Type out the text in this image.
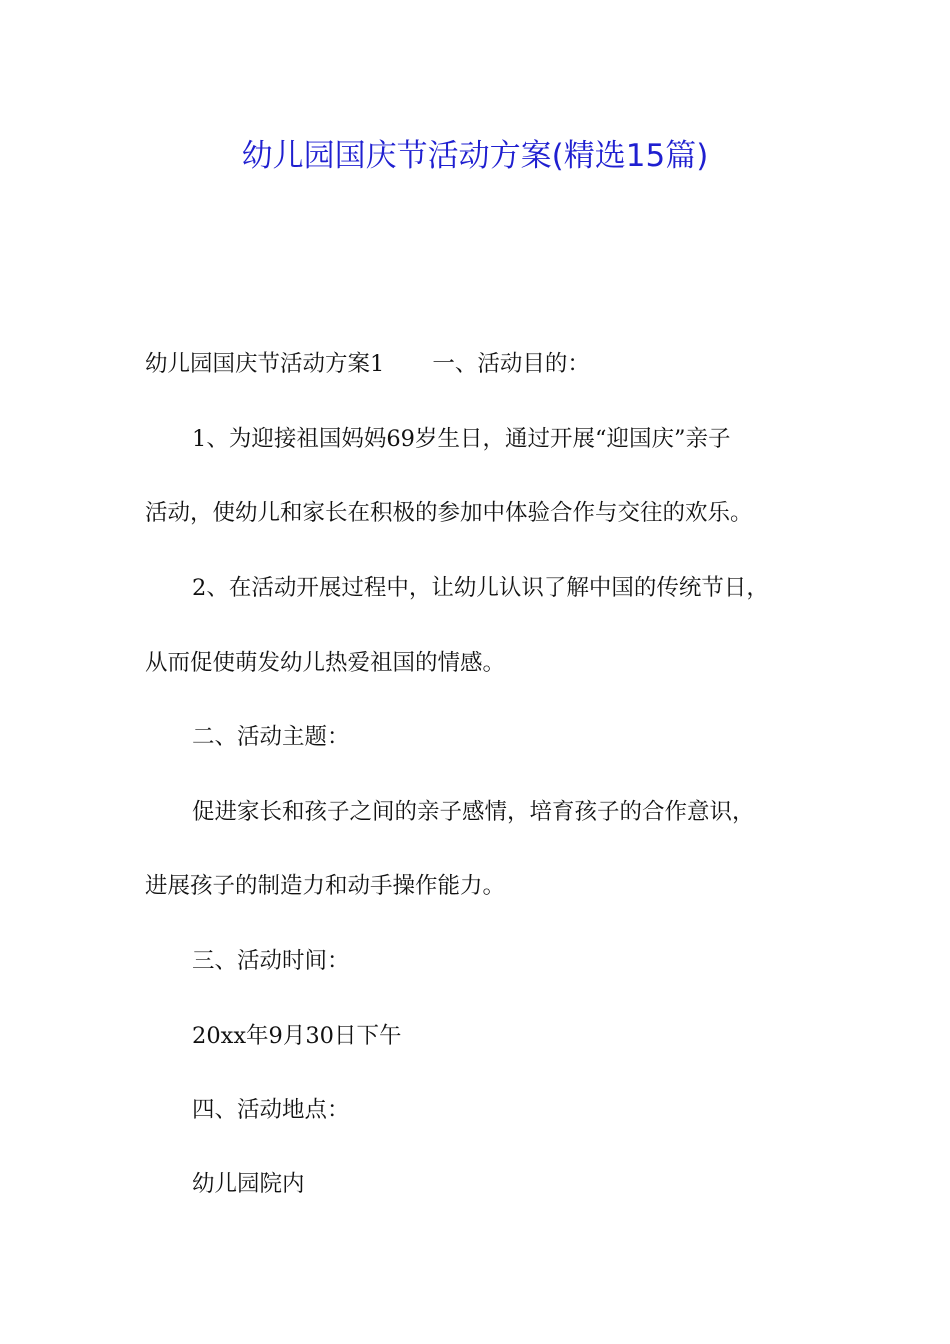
幼儿园国庆节活动方案(精选15篇)

幼儿园国庆节活动方案1 一、活动目的：

1、为迎接祖国妈妈69岁生日，通过开展“迎国庆”亲子

活动，使幼儿和家长在积极的参加中体验合作与交往的欢乐。

2、在活动开展过程中，让幼儿认识了解中国的传统节日，

从而促使萌发幼儿热爱祖国的情感。

二、活动主题：

促进家长和孩子之间的亲子感情，培育孩子的合作意识，

进展孩子的制造力和动手操作能力。

三、活动时间：

20xx年9月30日下午

四、活动地点：

幼儿园院内
